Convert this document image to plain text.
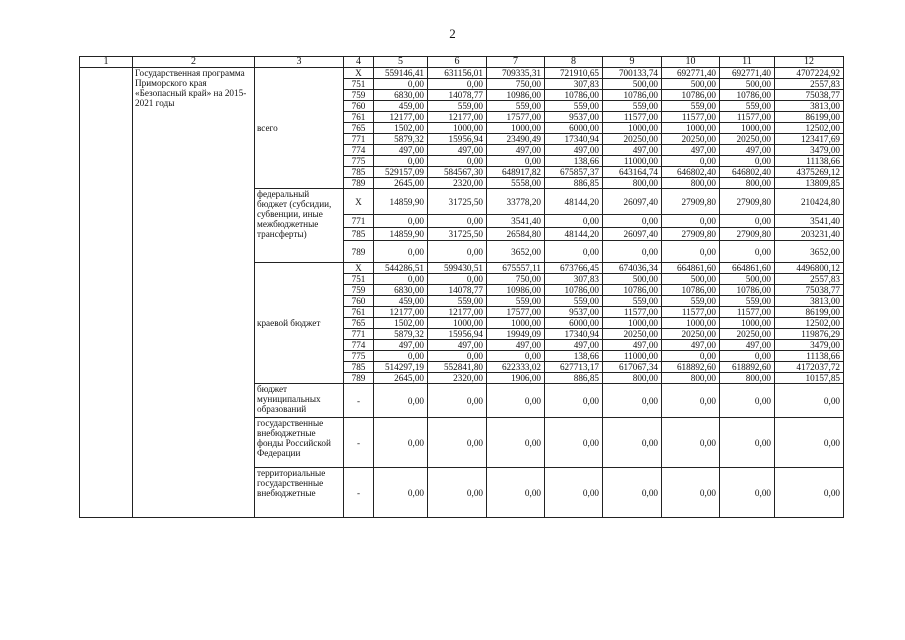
2
1	2	3	4	5	6	7	8	9	10	11	12
	Государственная программа Приморского края «Безопасный край» на 2015-2021 годы	всего	X	559146,41	631156,01	709335,31	721910,65	700133,74	692771,40	692771,40	4707224,92
			751	0,00	0,00	750,00	307,83	500,00	500,00	500,00	2557,83
			759	6830,00	14078,77	10986,00	10786,00	10786,00	10786,00	10786,00	75038,77
			760	459,00	559,00	559,00	559,00	559,00	559,00	559,00	3813,00
			761	12177,00	12177,00	17577,00	9537,00	11577,00	11577,00	11577,00	86199,00
			765	1502,00	1000,00	1000,00	6000,00	1000,00	1000,00	1000,00	12502,00
			771	5879,32	15956,94	23490,49	17340,94	20250,00	20250,00	20250,00	123417,69
			774	497,00	497,00	497,00	497,00	497,00	497,00	497,00	3479,00
			775	0,00	0,00	0,00	138,66	11000,00	0,00	0,00	11138,66
			785	529157,09	584567,30	648917,82	675857,37	643164,74	646802,40	646802,40	4375269,12
			789	2645,00	2320,00	5558,00	886,85	800,00	800,00	800,00	13809,85
		федеральный бюджет (субсидии, субвенции, иные межбюджетные трансферты)	Х	14859,90	31725,50	33778,20	48144,20	26097,40	27909,80	27909,80	210424,80
			771	0,00	0,00	3541,40	0,00	0,00	0,00	0,00	3541,40
			785	14859,90	31725,50	26584,80	48144,20	26097,40	27909,80	27909,80	203231,40
			789	0,00	0,00	3652,00	0,00	0,00	0,00	0,00	3652,00
		краевой бюджет	X	544286,51	599430,51	675557,11	673766,45	674036,34	664861,60	664861,60	4496800,12
			751	0,00	0,00	750,00	307,83	500,00	500,00	500,00	2557,83
			759	6830,00	14078,77	10986,00	10786,00	10786,00	10786,00	10786,00	75038,77
			760	459,00	559,00	559,00	559,00	559,00	559,00	559,00	3813,00
			761	12177,00	12177,00	17577,00	9537,00	11577,00	11577,00	11577,00	86199,00
			765	1502,00	1000,00	1000,00	6000,00	1000,00	1000,00	1000,00	12502,00
			771	5879,32	15956,94	19949,09	17340,94	20250,00	20250,00	20250,00	119876,29
			774	497,00	497,00	497,00	497,00	497,00	497,00	497,00	3479,00
			775	0,00	0,00	0,00	138,66	11000,00	0,00	0,00	11138,66
			785	514297,19	552841,80	622333,02	627713,17	617067,34	618892,60	618892,60	4172037,72
			789	2645,00	2320,00	1906,00	886,85	800,00	800,00	800,00	10157,85
		бюджет муниципальных образований	-	0,00	0,00	0,00	0,00	0,00	0,00	0,00	0,00
		государственные внебюджетные фонды Российской Федерации	-	0,00	0,00	0,00	0,00	0,00	0,00	0,00	0,00
		территориальные государственные внебюджетные	-	0,00	0,00	0,00	0,00	0,00	0,00	0,00	0,00
